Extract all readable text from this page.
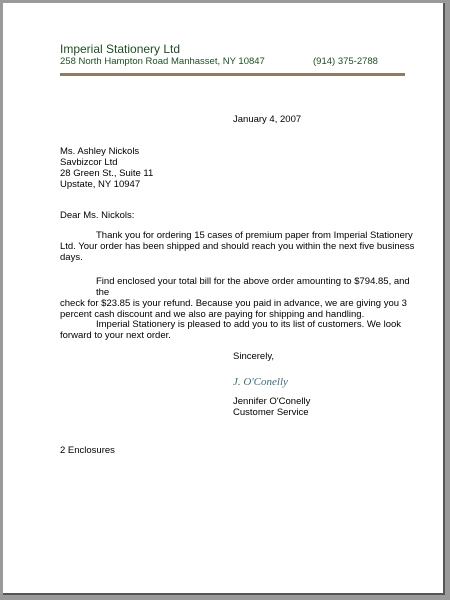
Imperial Stationery Ltd
258 North Hampton Road Manhasset, NY 10847	(914) 375-2788
January 4, 2007
Ms. Ashley Nickols
Savbizcor Ltd
28 Green St., Suite 11
Upstate, NY 10947
Dear Ms. Nickols:
Thank you for ordering 15 cases of premium paper from Imperial Stationery
Ltd. Your order has been shipped and should reach you within the next five business
days.
Find enclosed your total bill for the above order amounting to $794.85, and the
check for $23.85 is your refund. Because you paid in advance, we are giving you 3
percent cash discount and we also are paying for shipping and handling.
Imperial Stationery is pleased to add you to its list of customers. We look
forward to your next order.
Sincerely,
J. O'Conelly
Jennifer O'Conelly
Customer Service
2 Enclosures
